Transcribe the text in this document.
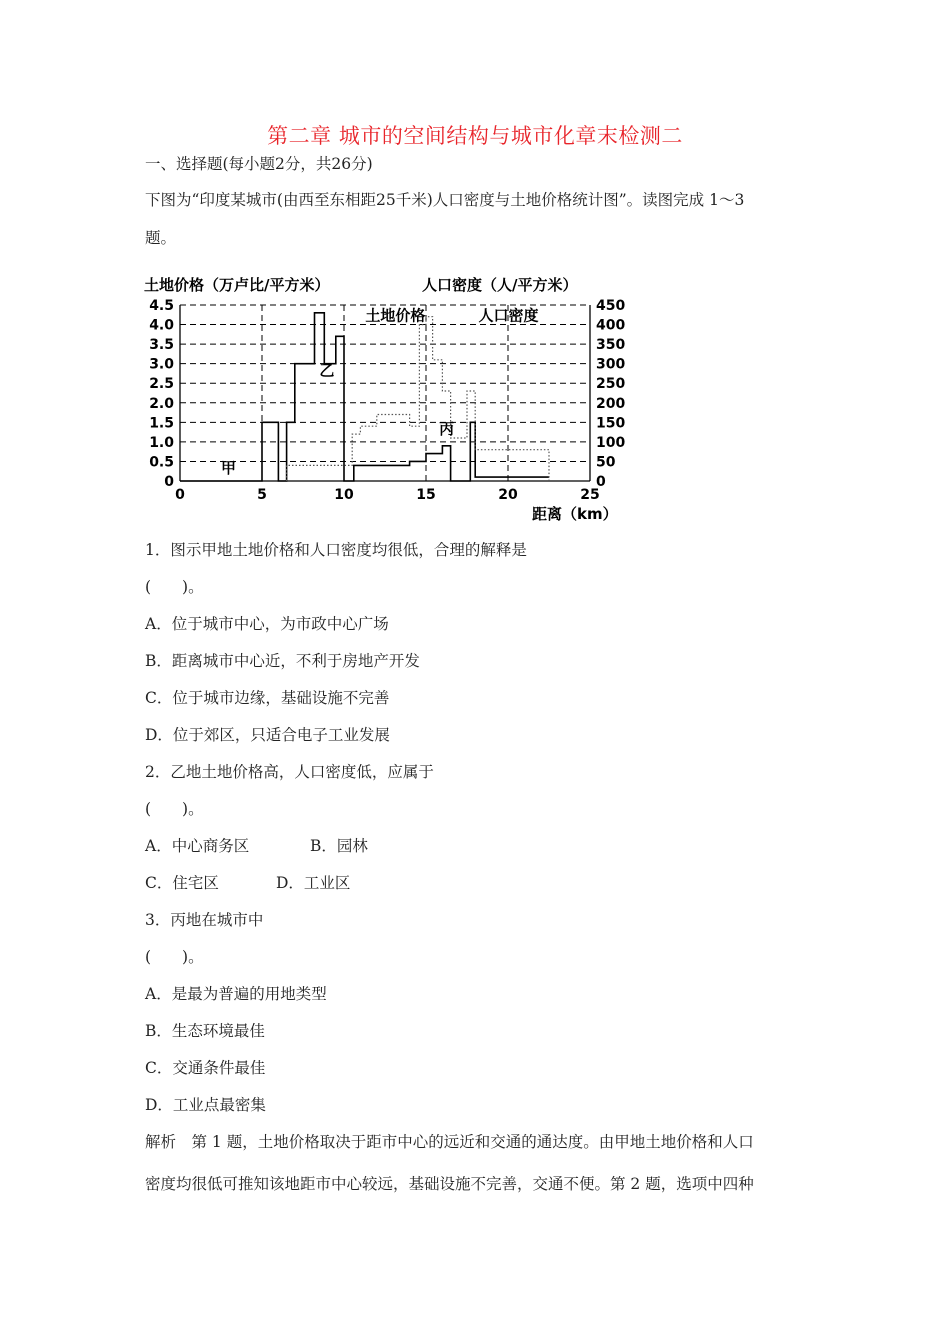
第二章 城市的空间结构与城市化章末检测二
一、选择题(每小题2分，共26分)
下图为“印度某城市(由西至东相距25千米)人口密度与土地价格统计图”。读图完成 1～3
题。
0
0.5
1.0
1.5
2.0
2.5
3.0
3.5
4.0
4.5
0
50
100
150
200
250
300
350
400
450
0	5	10	15	20	25
甲
乙
丙
土地价格	人口密度
土地价格（万卢比/平方米）	人口密度（人/平方米）
距离（km）
1．图示甲地土地价格和人口密度均很低，合理的解释是
(　　)。
A．位于城市中心，为市政中心广场
B．距离城市中心近，不利于房地产开发
C．位于城市边缘，基础设施不完善
D．位于郊区，只适合电子工业发展
2．乙地土地价格高，人口密度低，应属于
(　　)。
A．中心商务区	B．园林
C．住宅区	D．工业区
3．丙地在城市中
(　　)。
A．是最为普遍的用地类型
B．生态环境最佳
C．交通条件最佳
D．工业点最密集
解析　第 1 题，土地价格取决于距市中心的远近和交通的通达度。由甲地土地价格和人口
密度均很低可推知该地距市中心较远，基础设施不完善，交通不便。第 2 题，选项中四种
